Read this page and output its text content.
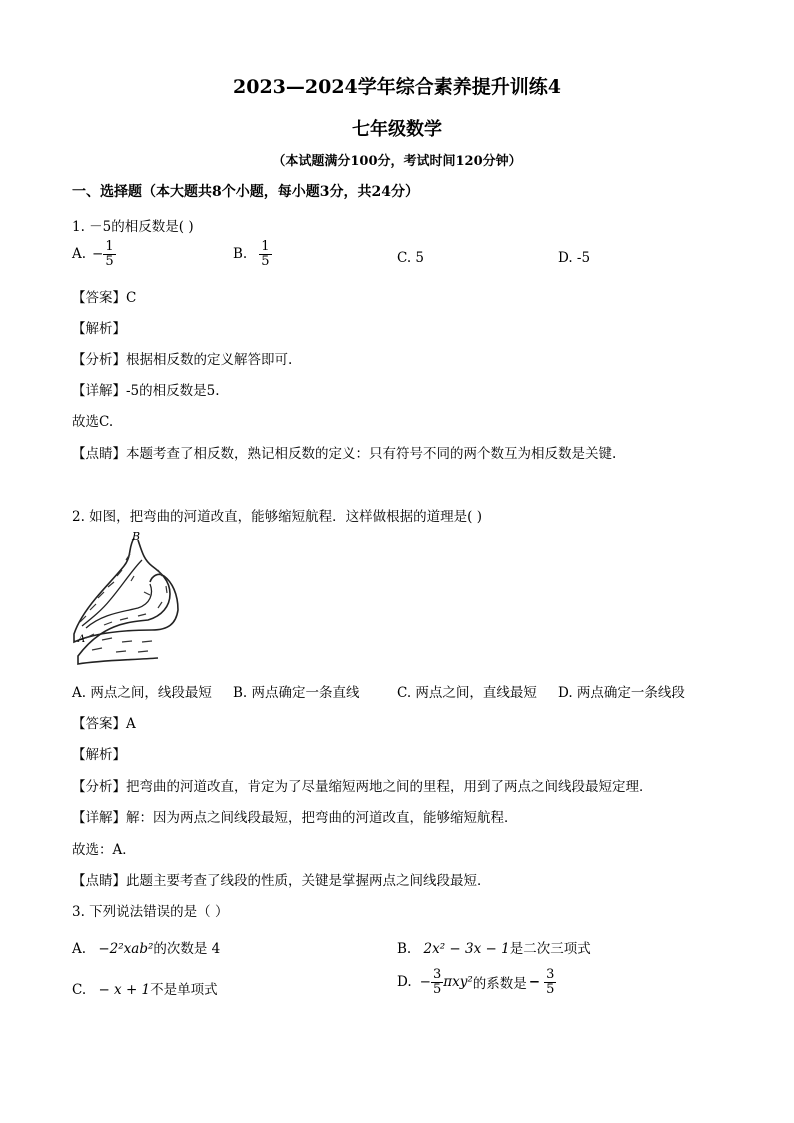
2023—2024学年综合素养提升训练4
七年级数学
（本试题满分100分，考试时间120分钟）
一、选择题（本大题共8个小题，每小题3分，共24分）
1. －5的相反数是( )
A. − $\frac{1}{5}$	B. $\frac{1}{5}$	C. 5	D. -5
【答案】C
【解析】
【分析】根据相反数的定义解答即可.
【详解】-5的相反数是5.
故选C.
【点睛】本题考查了相反数，熟记相反数的定义：只有符号不同的两个数互为相反数是关键.
2. 如图，把弯曲的河道改直，能够缩短航程．这样做根据的道理是( )
B
A
A. 两点之间，线段最短 B. 两点确定一条直线	C. 两点之间，直线最短 D. 两点确定一条线段
【答案】A
【解析】
【分析】把弯曲的河道改直，肯定为了尽量缩短两地之间的里程，用到了两点之间线段最短定理．
【详解】解：因为两点之间线段最短，把弯曲的河道改直，能够缩短航程．
故选：A．
【点睛】此题主要考查了线段的性质，关键是掌握两点之间线段最短．
3. 下列说法错误的是（ ）
A. −2²xab²的次数是 4	B. 2x² − 3x − 1是二次三项式
C. − x + 1不是单项式	D. − $\frac{3}{5} \pi xy^2$ 的系数是 − $\frac{3}{5}$
